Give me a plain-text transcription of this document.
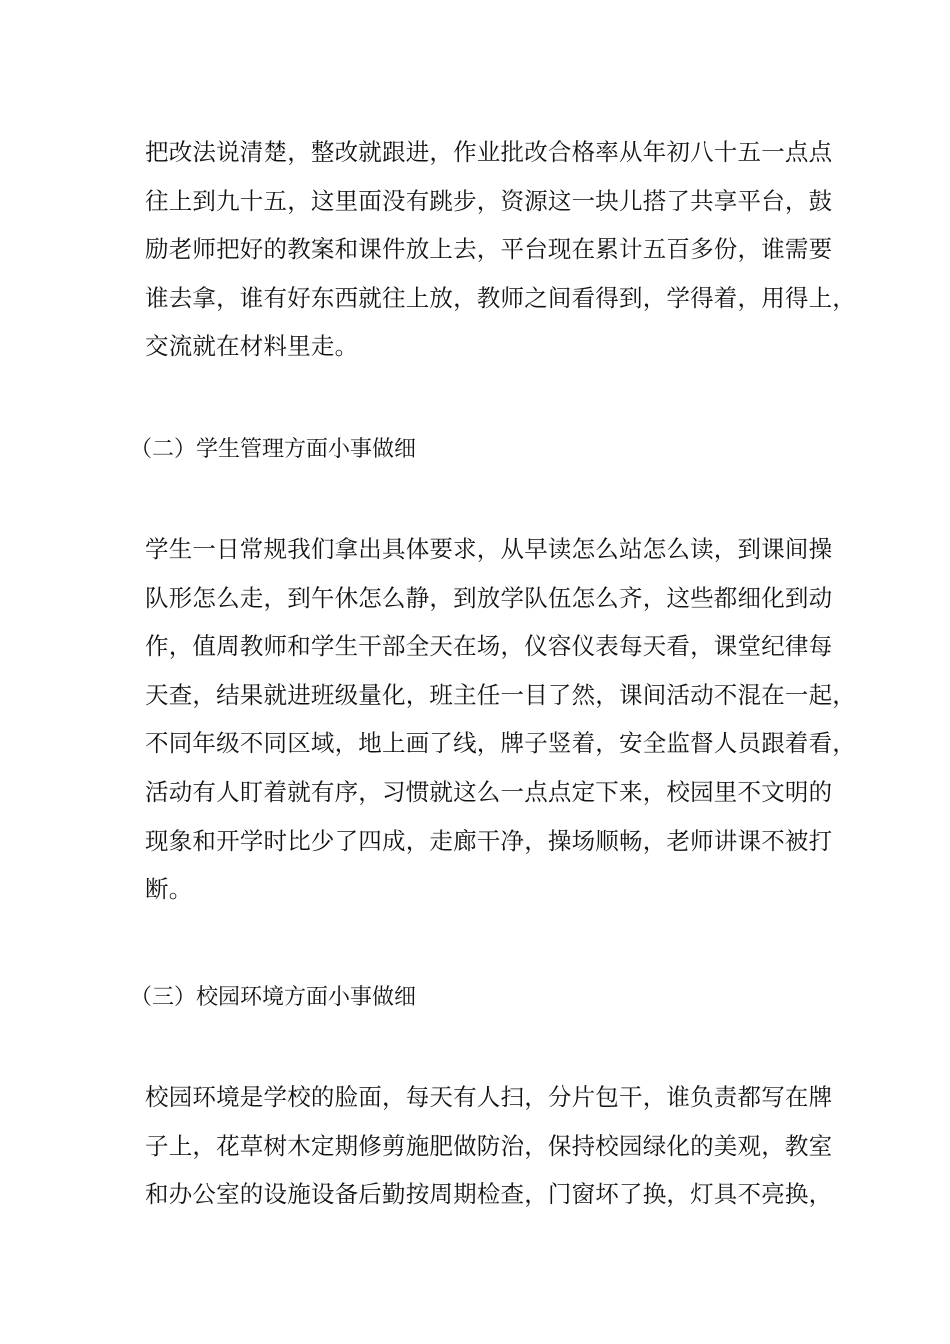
把改法说清楚，整改就跟进，作业批改合格率从年初八十五一点点
往上到九十五，这里面没有跳步，资源这一块儿搭了共享平台，鼓
励老师把好的教案和课件放上去，平台现在累计五百多份，谁需要
谁去拿，谁有好东西就往上放，教师之间看得到，学得着，用得上，
交流就在材料里走。
（二）学生管理方面小事做细
学生一日常规我们拿出具体要求，从早读怎么站怎么读，到课间操
队形怎么走，到午休怎么静，到放学队伍怎么齐，这些都细化到动
作，值周教师和学生干部全天在场，仪容仪表每天看，课堂纪律每
天查，结果就进班级量化，班主任一目了然，课间活动不混在一起，
不同年级不同区域，地上画了线，牌子竖着，安全监督人员跟着看，
活动有人盯着就有序，习惯就这么一点点定下来，校园里不文明的
现象和开学时比少了四成，走廊干净，操场顺畅，老师讲课不被打
断。
（三）校园环境方面小事做细
校园环境是学校的脸面，每天有人扫，分片包干，谁负责都写在牌
子上，花草树木定期修剪施肥做防治，保持校园绿化的美观，教室
和办公室的设施设备后勤按周期检查，门窗坏了换，灯具不亮换，
